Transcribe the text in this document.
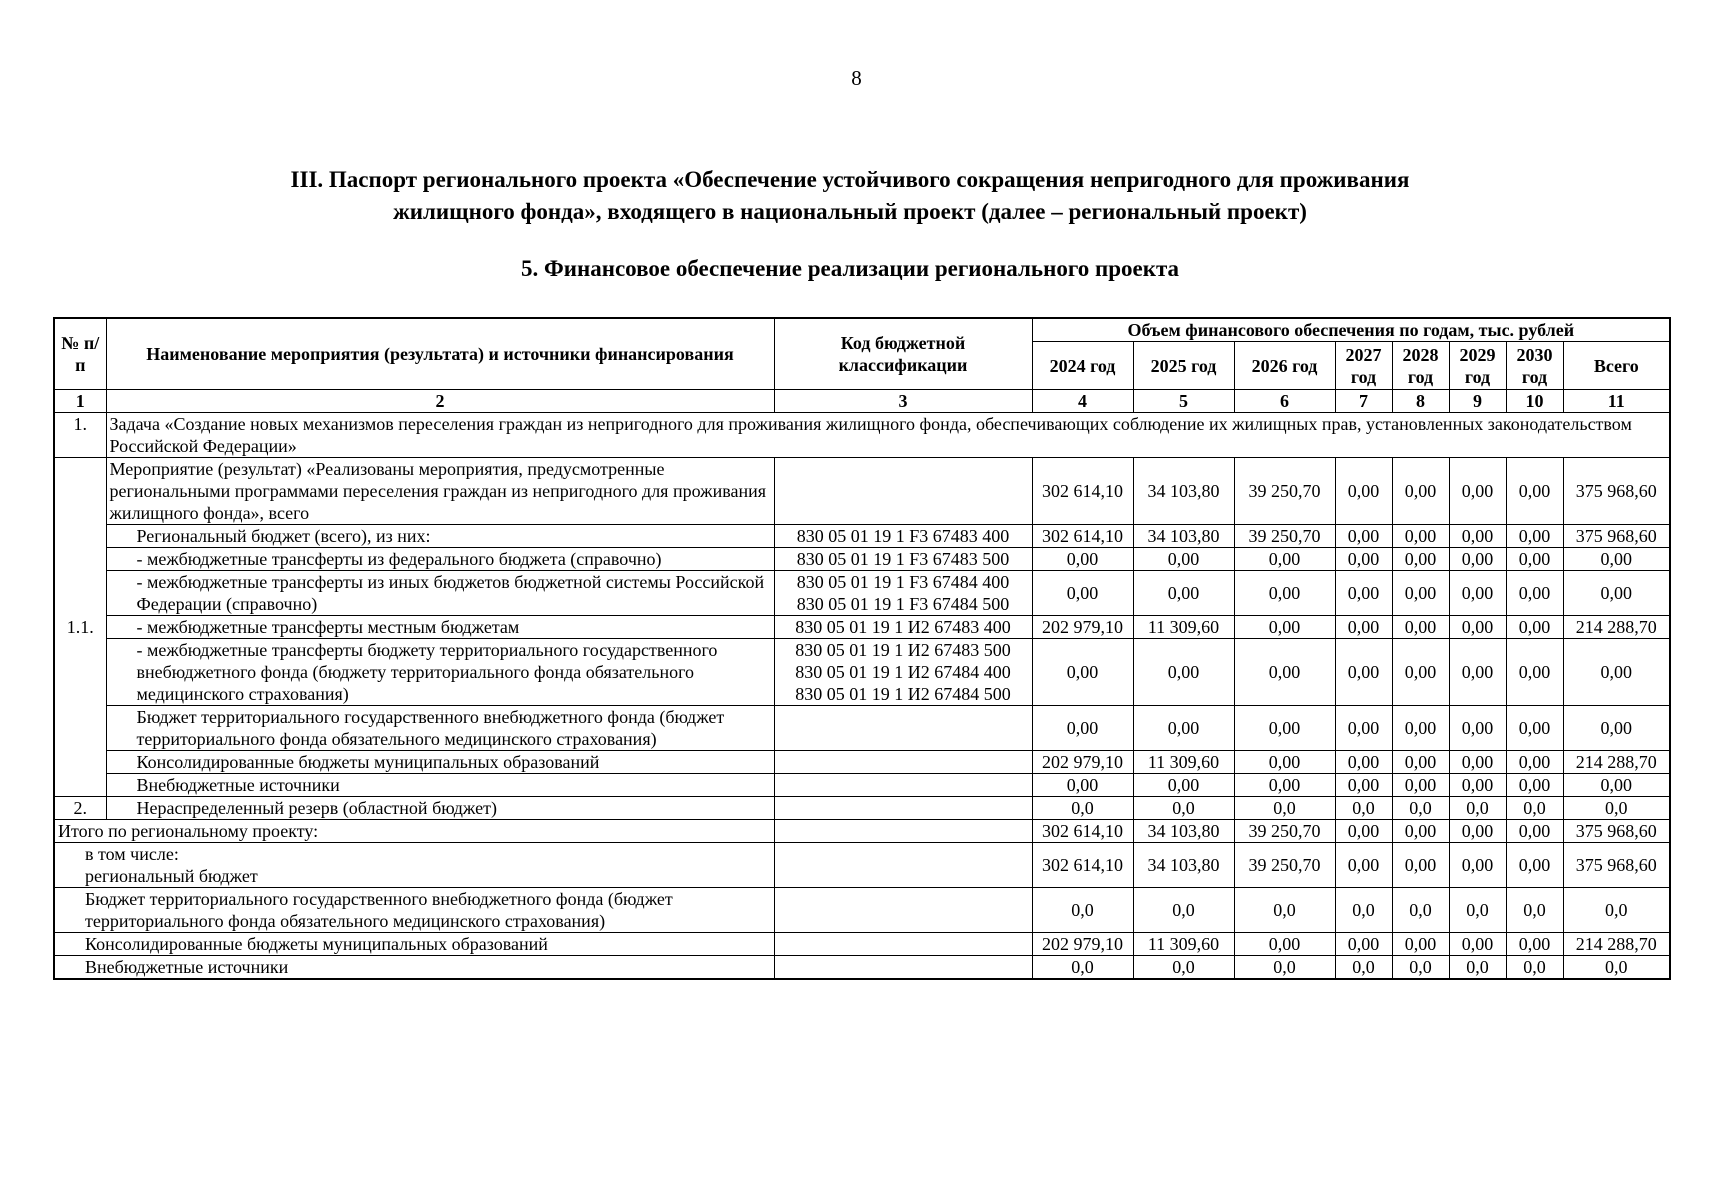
8
III. Паспорт регионального проекта «Обеспечение устойчивого сокращения непригодного для проживания
жилищного фонда», входящего в национальный проект (далее – региональный проект)
5. Финансовое обеспечение реализации регионального проекта
№ п/п	Наименование мероприятия (результата) и источники финансирования	Код бюджетной классификации	Объем финансового обеспечения по годам, тыс. рублей							
			2024 год	2025 год	2026 год	2027 год	2028 год	2029 год	2030 год	Всего
1	2	3	4	5	6	7	8	9	10	11
1.	Задача «Создание новых механизмов переселения граждан из непригодного для проживания жилищного фонда, обеспечивающих соблюдение их жилищных прав, установленных законодательством Российской Федерации»									
1.1.	Мероприятие (результат) «Реализованы мероприятия, предусмотренные региональными программами переселения граждан из непригодного для проживания жилищного фонда», всего		302 614,10	34 103,80	39 250,70	0,00	0,00	0,00	0,00	375 968,60
	Региональный бюджет (всего), из них:	830 05 01 19 1 F3 67483 400	302 614,10	34 103,80	39 250,70	0,00	0,00	0,00	0,00	375 968,60
	- межбюджетные трансферты из федерального бюджета (справочно)	830 05 01 19 1 F3 67483 500	0,00	0,00	0,00	0,00	0,00	0,00	0,00	0,00
	- межбюджетные трансферты из иных бюджетов бюджетной системы Российской Федерации (справочно)	830 05 01 19 1 F3 67484 400
830 05 01 19 1 F3 67484 500	0,00	0,00	0,00	0,00	0,00	0,00	0,00	0,00
	- межбюджетные трансферты местным бюджетам	830 05 01 19 1 И2 67483 400	202 979,10	11 309,60	0,00	0,00	0,00	0,00	0,00	214 288,70
	- межбюджетные трансферты бюджету территориального государственного внебюджетного фонда (бюджету территориального фонда обязательного медицинского страхования)	830 05 01 19 1 И2 67483 500
830 05 01 19 1 И2 67484 400
830 05 01 19 1 И2 67484 500	0,00	0,00	0,00	0,00	0,00	0,00	0,00	0,00
	Бюджет территориального государственного внебюджетного фонда (бюджет территориального фонда обязательного медицинского страхования)		0,00	0,00	0,00	0,00	0,00	0,00	0,00	0,00
	Консолидированные бюджеты муниципальных образований		202 979,10	11 309,60	0,00	0,00	0,00	0,00	0,00	214 288,70
	Внебюджетные источники		0,00	0,00	0,00	0,00	0,00	0,00	0,00	0,00
2.	Нераспределенный резерв (областной бюджет)		0,0	0,0	0,0	0,0	0,0	0,0	0,0	0,0

Итого по региональному проекту:			302 614,10	34 103,80	39 250,70	0,00	0,00	0,00	0,00	375 968,60

в том числе:
региональный бюджет			302 614,10	34 103,80	39 250,70	0,00	0,00	0,00	0,00	375 968,60

Бюджет территориального государственного внебюджетного фонда (бюджет территориального фонда обязательного медицинского страхования)			0,0	0,0	0,0	0,0	0,0	0,0	0,0	0,0

Консолидированные бюджеты муниципальных образований			202 979,10	11 309,60	0,00	0,00	0,00	0,00	0,00	214 288,70

Внебюджетные источники			0,0	0,0	0,0	0,0	0,0	0,0	0,0	0,0
